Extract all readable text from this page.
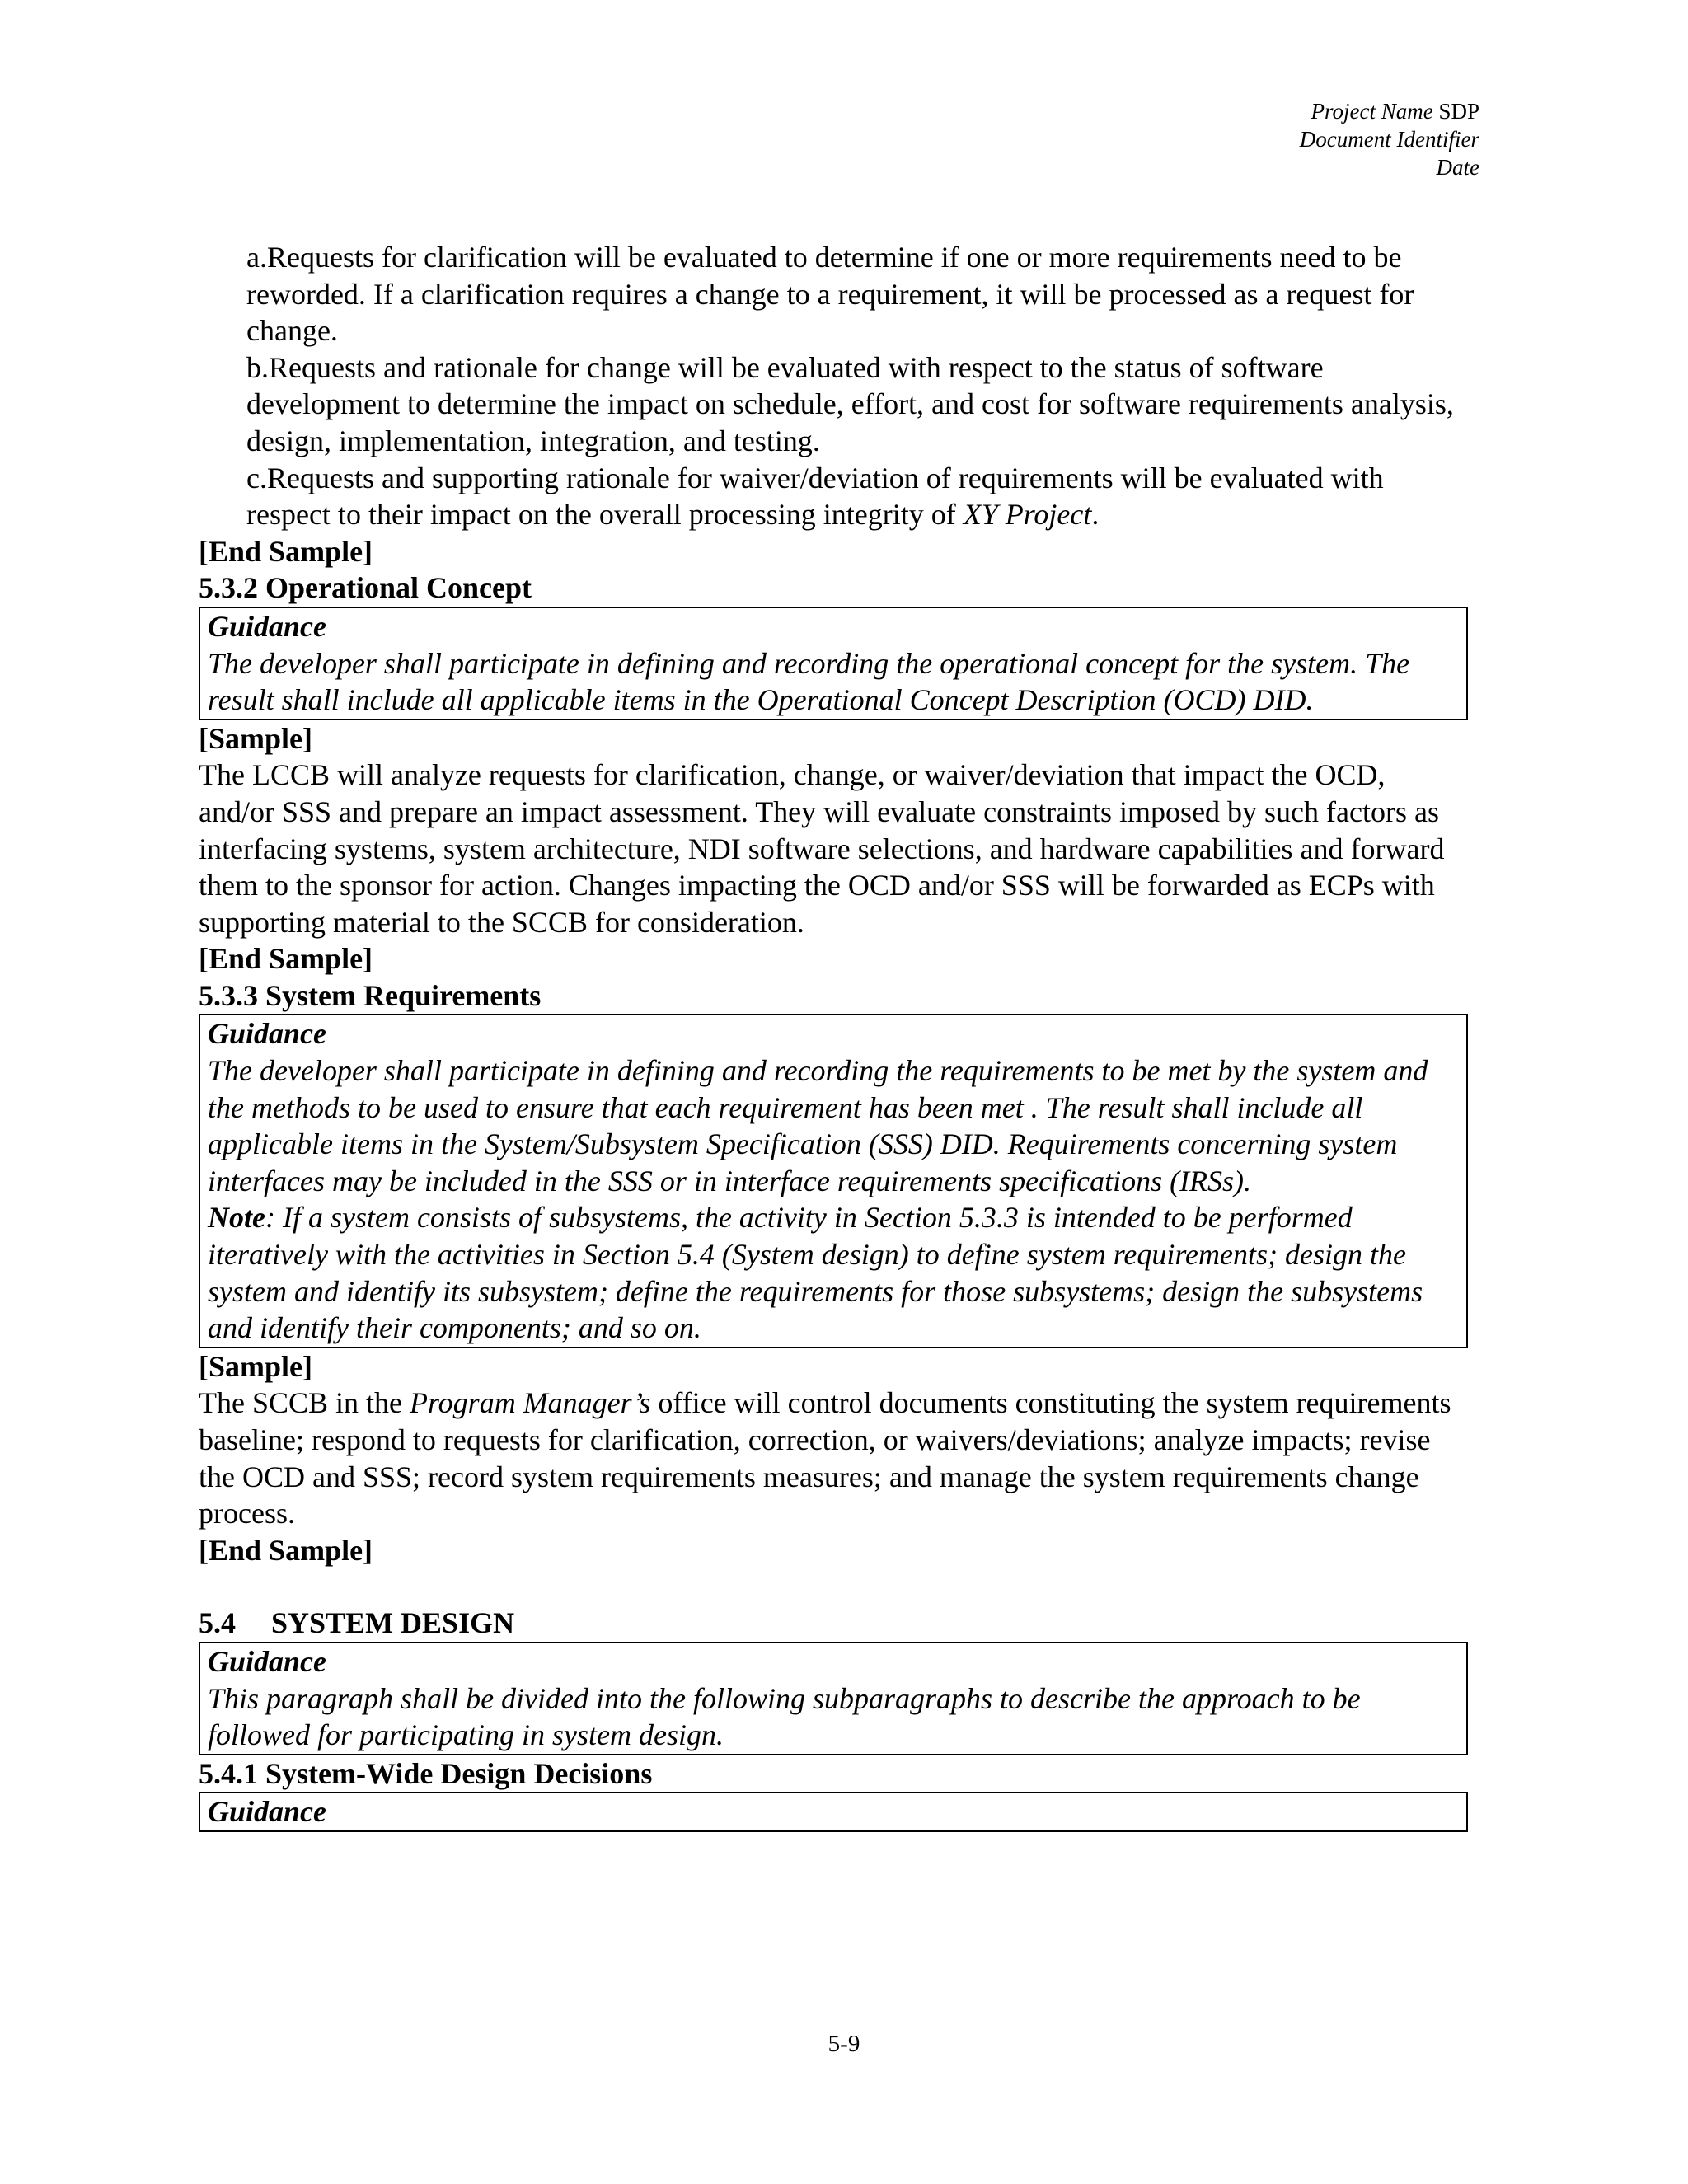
Project Name SDP
Document Identifier
Date

a.Requests for clarification will be evaluated to determine if one or more requirements need to be reworded. If a clarification requires a change to a requirement, it will be processed as a request for change.

b.Requests and rationale for change will be evaluated with respect to the status of software development to determine the impact on schedule, effort, and cost for software requirements analysis, design, implementation, integration, and testing.

c.Requests and supporting rationale for waiver/deviation of requirements will be evaluated with respect to their impact on the overall processing integrity of XY Project.

[End Sample]

5.3.2 Operational Concept

Guidance
The developer shall participate in defining and recording the operational concept for the system. The result shall include all applicable items in the Operational Concept Description (OCD) DID.

[Sample]

The LCCB will analyze requests for clarification, change, or waiver/deviation that impact the OCD, and/or SSS and prepare an impact assessment. They will evaluate constraints imposed by such factors as interfacing systems, system architecture, NDI software selections, and hardware capabilities and forward them to the sponsor for action. Changes impacting the OCD and/or SSS will be forwarded as ECPs with supporting material to the SCCB for consideration.

[End Sample]

5.3.3 System Requirements

Guidance
The developer shall participate in defining and recording the requirements to be met by the system and the methods to be used to ensure that each requirement has been met . The result shall include all applicable items in the System/Subsystem Specification (SSS) DID. Requirements concerning system interfaces may be included in the SSS or in interface requirements specifications (IRSs).
Note: If a system consists of subsystems, the activity in Section 5.3.3 is intended to be performed iteratively with the activities in Section 5.4 (System design) to define system requirements; design the system and identify its subsystem; define the requirements for those subsystems; design the subsystems and identify their components; and so on.

[Sample]

The SCCB in the Program Manager’s office will control documents constituting the system requirements baseline; respond to requests for clarification, correction, or waivers/deviations; analyze impacts; revise the OCD and SSS; record system requirements measures; and manage the system requirements change process.

[End Sample]

5.4 SYSTEM DESIGN

Guidance
This paragraph shall be divided into the following subparagraphs to describe the approach to be followed for participating in system design.

5.4.1 System-Wide Design Decisions

Guidance
5-9
